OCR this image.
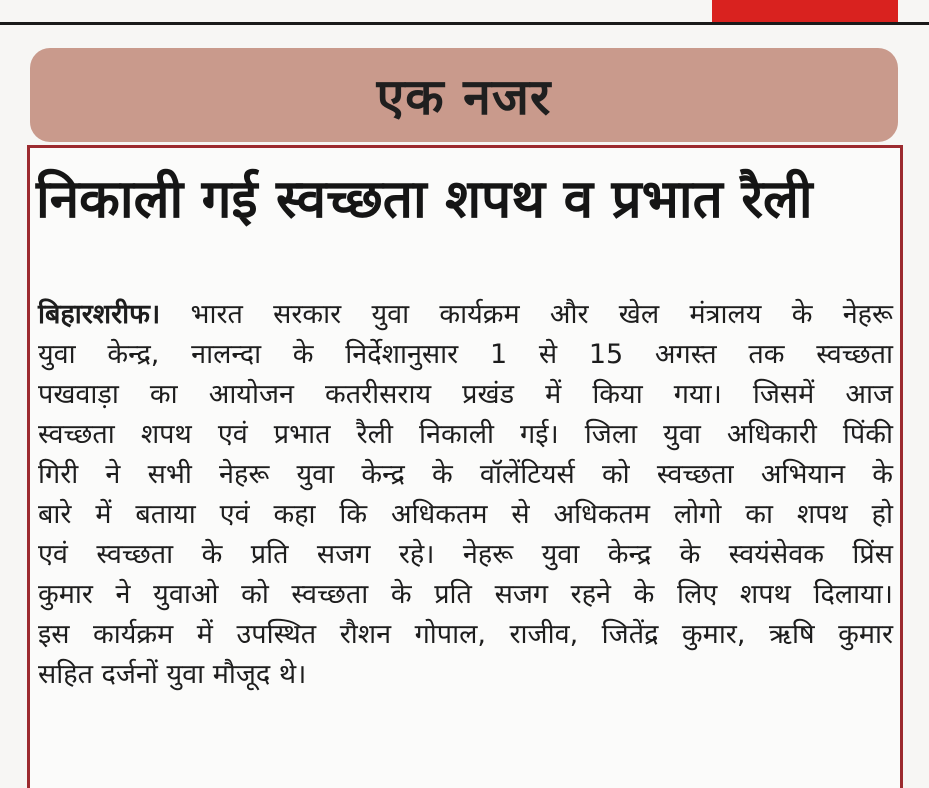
एक नजर
निकाली गई स्वच्छता शपथ व प्रभात रैली
बिहारशरीफ। भारत सरकार युवा कार्यक्रम और खेल मंत्रालय के नेहरू
युवा केन्द्र, नालन्दा के निर्देशानुसार 1 से 15 अगस्त तक स्वच्छता
पखवाड़ा का आयोजन कतरीसराय प्रखंड में किया गया। जिसमें आज
स्वच्छता शपथ एवं प्रभात रैली निकाली गई। जिला युवा अधिकारी पिंकी
गिरी ने सभी नेहरू युवा केन्द्र के वॉलेंटियर्स को स्वच्छता अभियान के
बारे में बताया एवं कहा कि अधिकतम से अधिकतम लोगो का शपथ हो
एवं स्वच्छता के प्रति सजग रहे। नेहरू युवा केन्द्र के स्वयंसेवक प्रिंस
कुमार ने युवाओ को स्वच्छता के प्रति सजग रहने के लिए शपथ दिलाया।
इस कार्यक्रम में उपस्थित रौशन गोपाल, राजीव, जितेंद्र कुमार, ऋषि कुमार
सहित दर्जनों युवा मौजूद थे।
